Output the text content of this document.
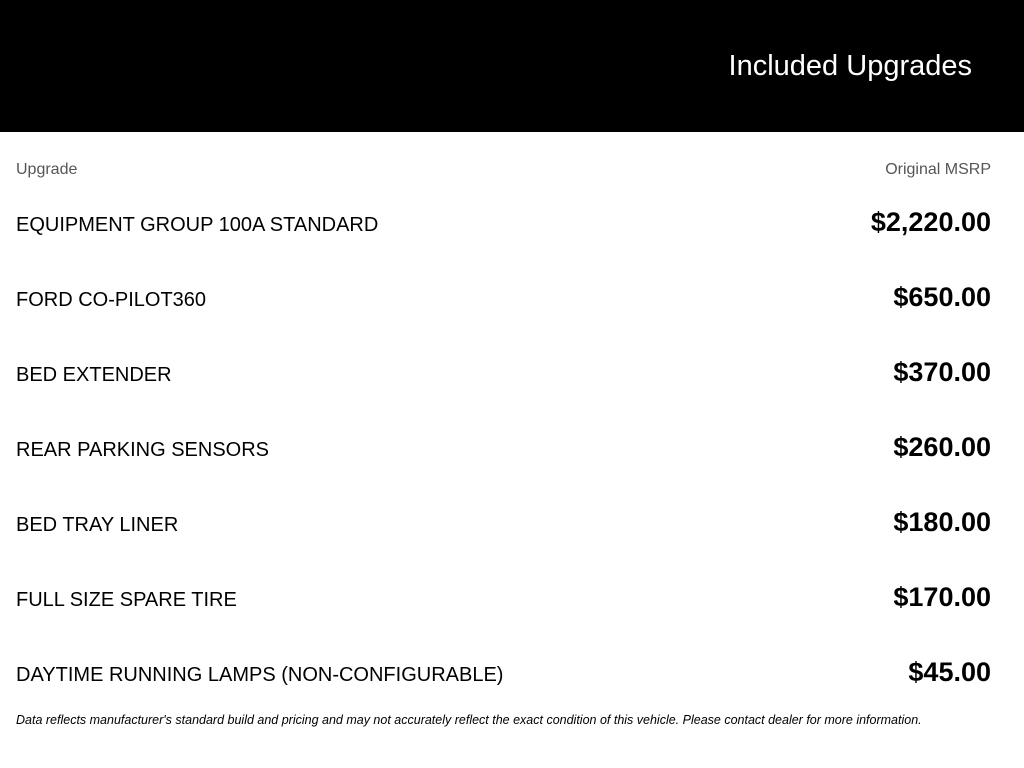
Included Upgrades
Upgrade	Original MSRP
EQUIPMENT GROUP 100A STANDARD	$2,220.00
FORD CO-PILOT360	$650.00
BED EXTENDER	$370.00
REAR PARKING SENSORS	$260.00
BED TRAY LINER	$180.00
FULL SIZE SPARE TIRE	$170.00
DAYTIME RUNNING LAMPS (NON-CONFIGURABLE)	$45.00
Data reflects manufacturer's standard build and pricing and may not accurately reflect the exact condition of this vehicle. Please contact dealer for more information.
